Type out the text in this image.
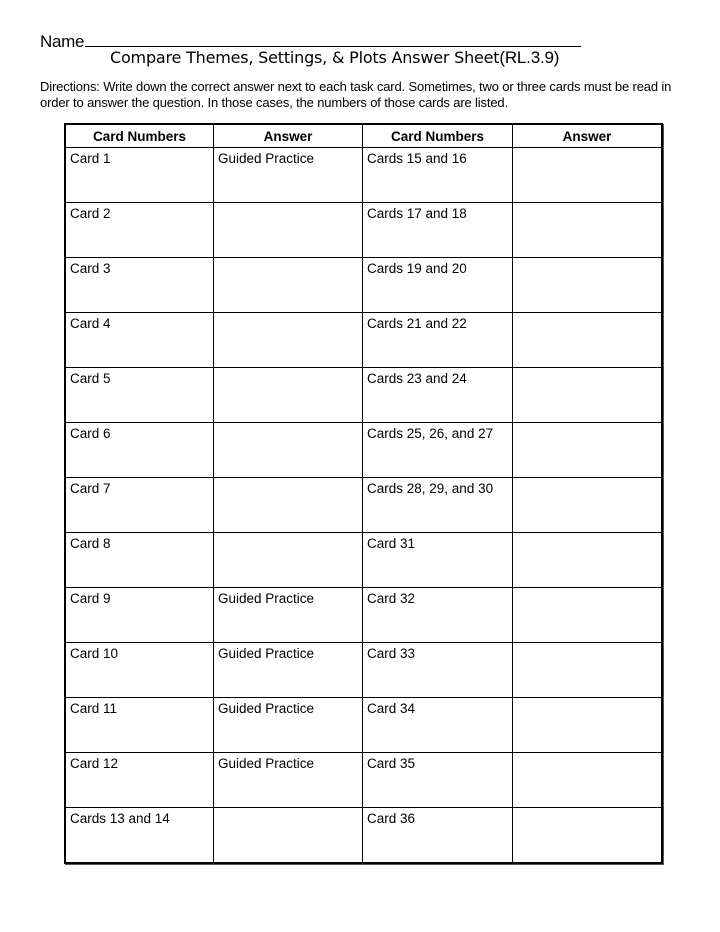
Name
Compare Themes, Settings, & Plots Answer Sheet(RL.3.9)
Directions: Write down the correct answer next to each task card. Sometimes, two or three cards must be read in order to answer the question. In those cases, the numbers of those cards are listed.
Card Numbers	Answer	Card Numbers	Answer
Card 1	Guided Practice	Cards 15 and 16	
Card 2		Cards 17 and 18	
Card 3		Cards 19 and 20	
Card 4		Cards 21 and 22	
Card 5		Cards 23 and 24	
Card 6		Cards 25, 26, and 27	
Card 7		Cards 28, 29, and 30	
Card 8		Card 31	
Card 9	Guided Practice	Card 32	
Card 10	Guided Practice	Card 33	
Card 11	Guided Practice	Card 34	
Card 12	Guided Practice	Card 35	
Cards 13 and 14		Card 36	
